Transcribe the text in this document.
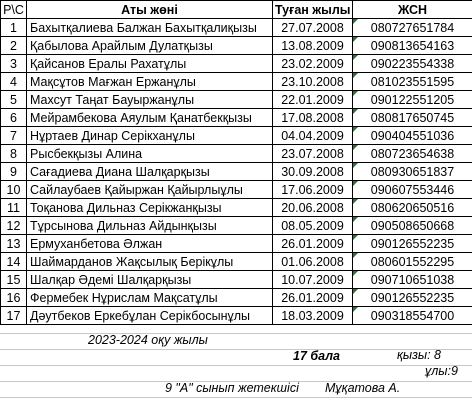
Р\С	Аты жөні	Туған жылы	ЖСН
1	Бахытқалиева Балжан Бахытқалиқызы	27.07.2008	080727651784
2	Қабылова Арайлым Дулатқызы	13.08.2009	090813654163
3	Қайсанов Ералы Рахатұлы	23.02.2009	090223554338
4	Мақсұтов Мағжан Ержанұлы	23.10.2008	081023551595
5	Махсут Таңат Бауыржанұлы	22.01.2009	090122551205
6	Мейрамбекова Аяулым Қанатбекқызы	17.08.2008	080817650745
7	Нұртаев Динар Серікханұлы	04.04.2009	090404551036
8	Рысбекқызы Алина	23.07.2008	080723654638
9	Сағадиева Диана Шалқарқызы	30.09.2008	080930651837
10	Сайлаубаев Қайыржан Қайырлыұлы	17.06.2009	090607553446
11	Тоқанова Дильназ Серікжанқызы	20.06.2008	080620650516
12	Тұрсынова Дильназ Айдынқызы	08.05.2009	090508650668
13	Ермуханбетова Әлжан	26.01.2009	090126552235
14	Шаймарданов Жақсылық Берікұлы	01.06.2008	080601552295
15	Шалқар Әдемі Шалқарқызы	10.07.2009	090710651038
16	Фермебек Нұрислам Мақсатұлы	26.01.2009	090126552235
17	Дәутбеков Еркебұлан Серікбосынұлы	18.03.2009	090318554700
2023-2024 оқу жылы
17 бала	қызы: 8
ұлы:9
9 "А" сынып жетекшісі Мұқатова А.
